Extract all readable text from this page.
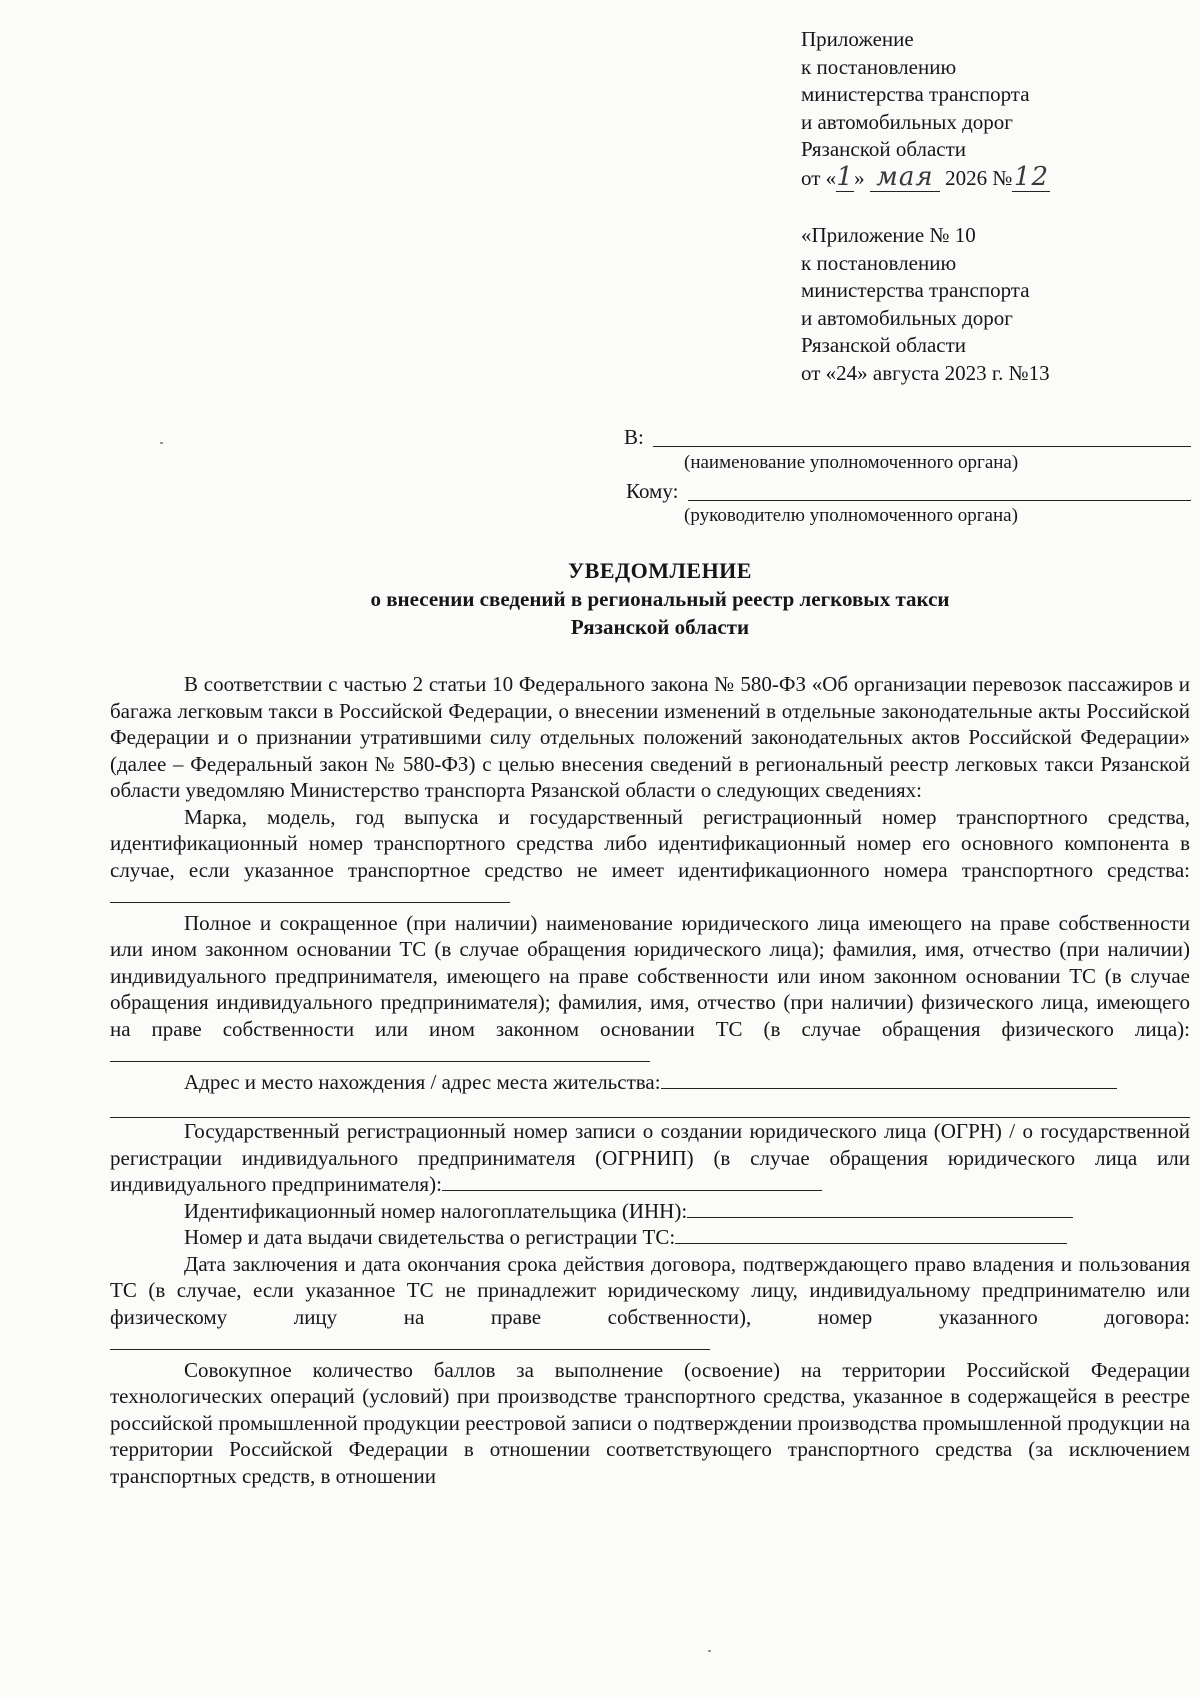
Приложение
к постановлению
министерства транспорта
и автомобильных дорог
Рязанской области
от «1» мая 2026 №12
«Приложение № 10
к постановлению
министерства транспорта
и автомобильных дорог
Рязанской области
от «24» августа 2023 г. №13
В:
(наименование уполномоченного органа)
Кому:
(руководителю уполномоченного органа)
УВЕДОМЛЕНИЕ
о внесении сведений в региональный реестр легковых такси
Рязанской области

В соответствии с частью 2 статьи 10 Федерального закона № 580-ФЗ «Об организации перевозок пассажиров и багажа легковым такси в Российской Федерации, о внесении изменений в отдельные законодательные акты Российской Федерации и о признании утратившими силу отдельных положений законодательных актов Российской Федерации» (далее – Федеральный закон № 580-ФЗ) с целью внесения сведений в региональный реестр легковых такси Рязанской области уведомляю Министерство транспорта Рязанской области о следующих сведениях:

Марка, модель, год выпуска и государственный регистрационный номер транспортного средства, идентификационный номер транспортного средства либо идентификационный номер его основного компонента в случае, если указанное транспортное средство не имеет идентификационного номера транспортного средства:

Полное и сокращенное (при наличии) наименование юридического лица имеющего на праве собственности или ином законном основании ТС (в случае обращения юридического лица); фамилия, имя, отчество (при наличии) индивидуального предпринимателя, имеющего на праве собственности или ином законном основании ТС (в случае обращения индивидуального предпринимателя); фамилия, имя, отчество (при наличии) физического лица, имеющего на праве собственности или ином законном основании ТС (в случае обращения физического лица):

Адрес и место нахождения / адрес места жительства:

Государственный регистрационный номер записи о создании юридического лица (ОГРН) / о государственной регистрации индивидуального предпринимателя (ОГРНИП) (в случае обращения юридического лица или индивидуального предпринимателя):

Идентификационный номер налогоплательщика (ИНН):

Номер и дата выдачи свидетельства о регистрации ТС:

Дата заключения и дата окончания срока действия договора, подтверждающего право владения и пользования ТС (в случае, если указанное ТС не принадлежит юридическому лицу, индивидуальному предпринимателю или физическому лицу на праве собственности), номер указанного договора:

Совокупное количество баллов за выполнение (освоение) на территории Российской Федерации технологических операций (условий) при производстве транспортного средства, указанное в содержащейся в реестре российской промышленной продукции реестровой записи о подтверждении производства промышленной продукции на территории Российской Федерации в отношении соответствующего транспортного средства (за исключением транспортных средств, в отношении
